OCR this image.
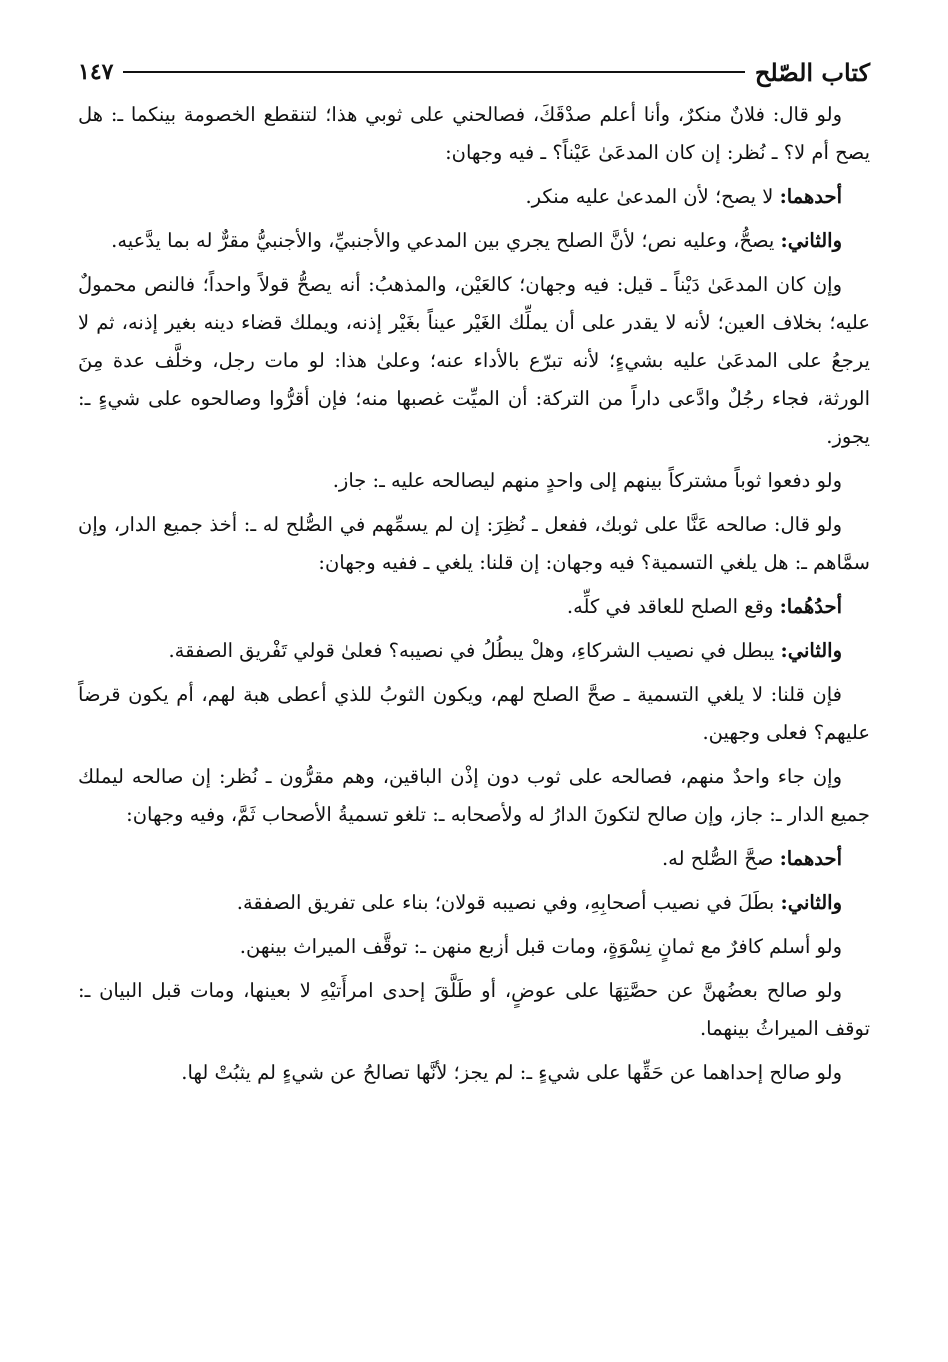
كتاب الصّلح
١٤٧

ولو قال: فلانٌ منكرٌ، وأنا أعلم صدْقَكَ، فصالحني على ثوبي هذا؛ لتنقطع الخصومة بينكما ـ: هل يصح أم لا؟ ـ نُظر: إن كان المدعَىٰ عَيْناً؟ ـ فيه وجهان:

أحدهما: لا يصح؛ لأن المدعىٰ عليه منكر.

والثاني: يصحُّ، وعليه نص؛ لأنَّ الصلح يجري بين المدعي والأجنبيِّ، والأجنبيُّ مقرٌّ له بما يدَّعيه.

وإن كان المدعَىٰ دَيْناً ـ قيل: فيه وجهان؛ كالعَيْن، والمذهبُ: أنه يصحُّ قولاً واحداً؛ فالنص محمولٌ عليه؛ بخلاف العين؛ لأنه لا يقدر على أن يملِّك الغَيْر عيناً بغَيْر إذنه، ويملك قضاء دينه بغير إذنه، ثم لا يرجعُ على المدعَىٰ عليه بشيءٍ؛ لأنه تبرّع بالأداء عنه؛ وعلىٰ هذا: لو مات رجل، وخلَّف عدة مِنَ الورثة، فجاء رجُلٌ وادَّعى داراً من التركة: أن الميِّت غصبها منه؛ فإن أقرُّوا وصالحوه على شيءٍ ـ: يجوز.

ولو دفعوا ثوباً مشتركاً بينهم إلى واحدٍ منهم ليصالحه عليه ـ: جاز.

ولو قال: صالحه عَنَّا على ثوبك، ففعل ـ نُظِرَ: إن لم يسمِّهم في الصُّلح له ـ: أخذ جميع الدار، وإن سمَّاهم ـ: هل يلغي التسمية؟ فيه وجهان: إن قلنا: يلغي ـ ففيه وجهان:

أحدُهُما: وقع الصلح للعاقد في كلِّه.

والثاني: يبطل في نصيب الشركاءِ، وهلْ يبطُلُ في نصيبه؟ فعلىٰ قولي تَفْريق الصفقة.

فإن قلنا: لا يلغي التسمية ـ صحَّ الصلح لهم، ويكون الثوبُ للذي أعطى هبة لهم، أم يكون قرضاً عليهم؟ فعلى وجهين.

وإن جاء واحدٌ منهم، فصالحه على ثوب دون إذْن الباقين، وهم مقرُّون ـ نُظر: إن صالحه ليملك جميع الدار ـ: جاز، وإن صالح لتكونَ الدارُ له ولأصحابه ـ: تلغو تسميةُ الأصحاب ثَمَّ، وفيه وجهان:

أحدهما: صحَّ الصُّلح له.

والثاني: بطَلَ في نصيب أصحابِهِ، وفي نصيبه قولان؛ بناء على تفريق الصفقة.

ولو أسلم كافرٌ مع ثمانٍ نِسْوَةٍ، ومات قبل أزبع منهن ـ: توقَّف الميراث بينهن.

ولو صالح بعضُهنَّ عن حصَّتِهَا على عوضٍ، أو طَلَّقَ إحدى امرأَتيْهِ لا بعينها، ومات قبل البيان ـ: توقف الميراثُ بينهما.

ولو صالح إحداهما عن حَقِّها على شيءٍ ـ: لم يجز؛ لأنَّها تصالحُ عن شيءٍ لم يثبُتْ لها.
